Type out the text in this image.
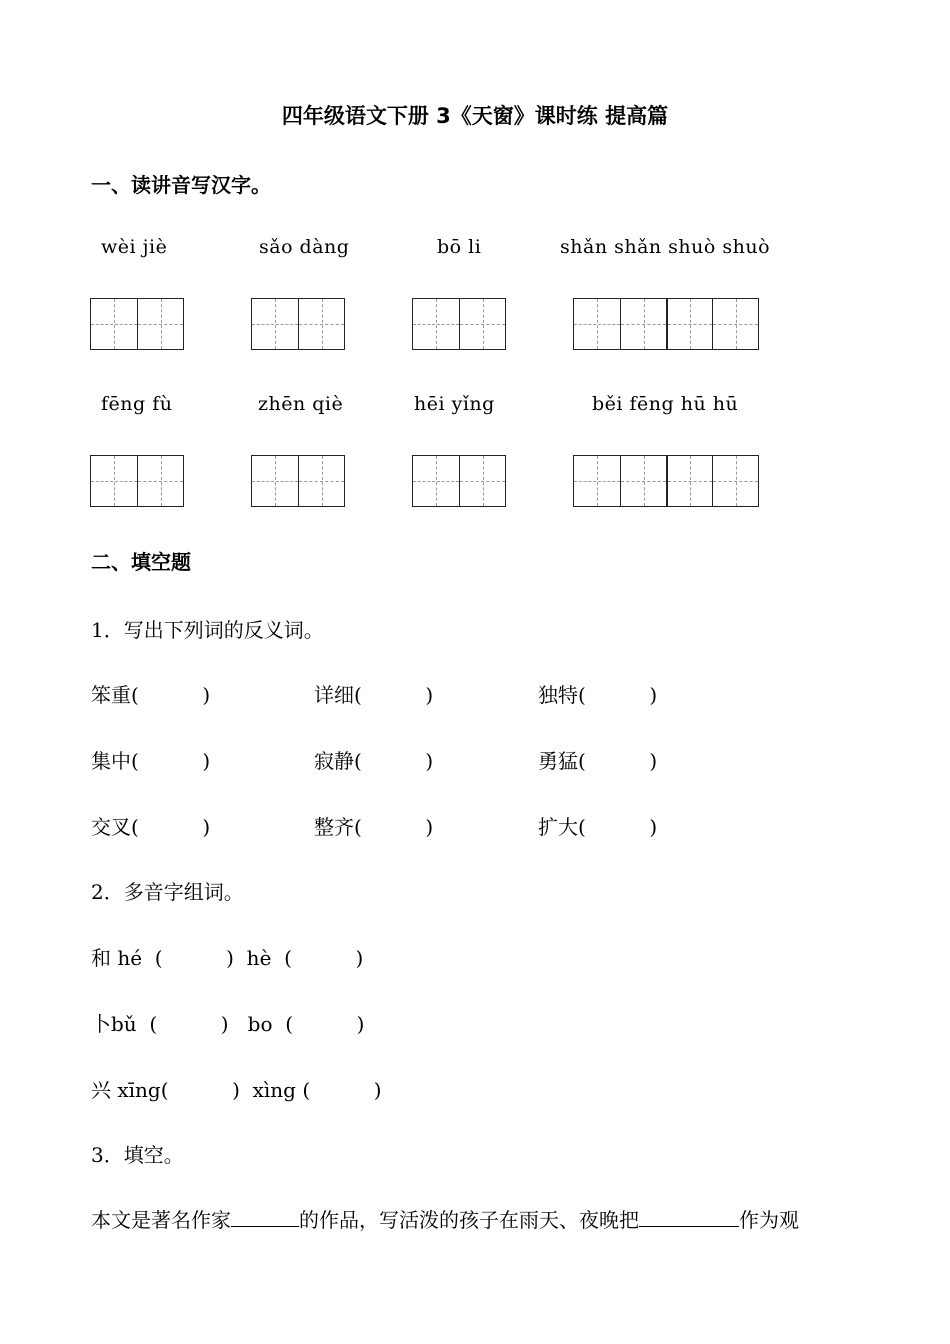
四年级语文下册 3《天窗》课时练 提高篇
一、读讲音写汉字。
wèi jiè	sǎo dàng	bō li	shǎn shǎn shuò shuò
fēng fù	zhēn qiè	hēi yǐng	běi fēng hū hū
二、填空题
1．写出下列词的反义词。
笨重(          )	详细(          )	独特(          )
集中(          )	寂静(          )	勇猛(          )
交叉(          )	整齐(          )	扩大(          )
2．多音字组词。
和 hé  (          )  hè  (          )
卜bǔ  (          )   bo  (          )
兴 xīng(          )  xìng (          )
3．填空。
本文是著名作家	的作品，写活泼的孩子在雨天、夜晚把	作为观
